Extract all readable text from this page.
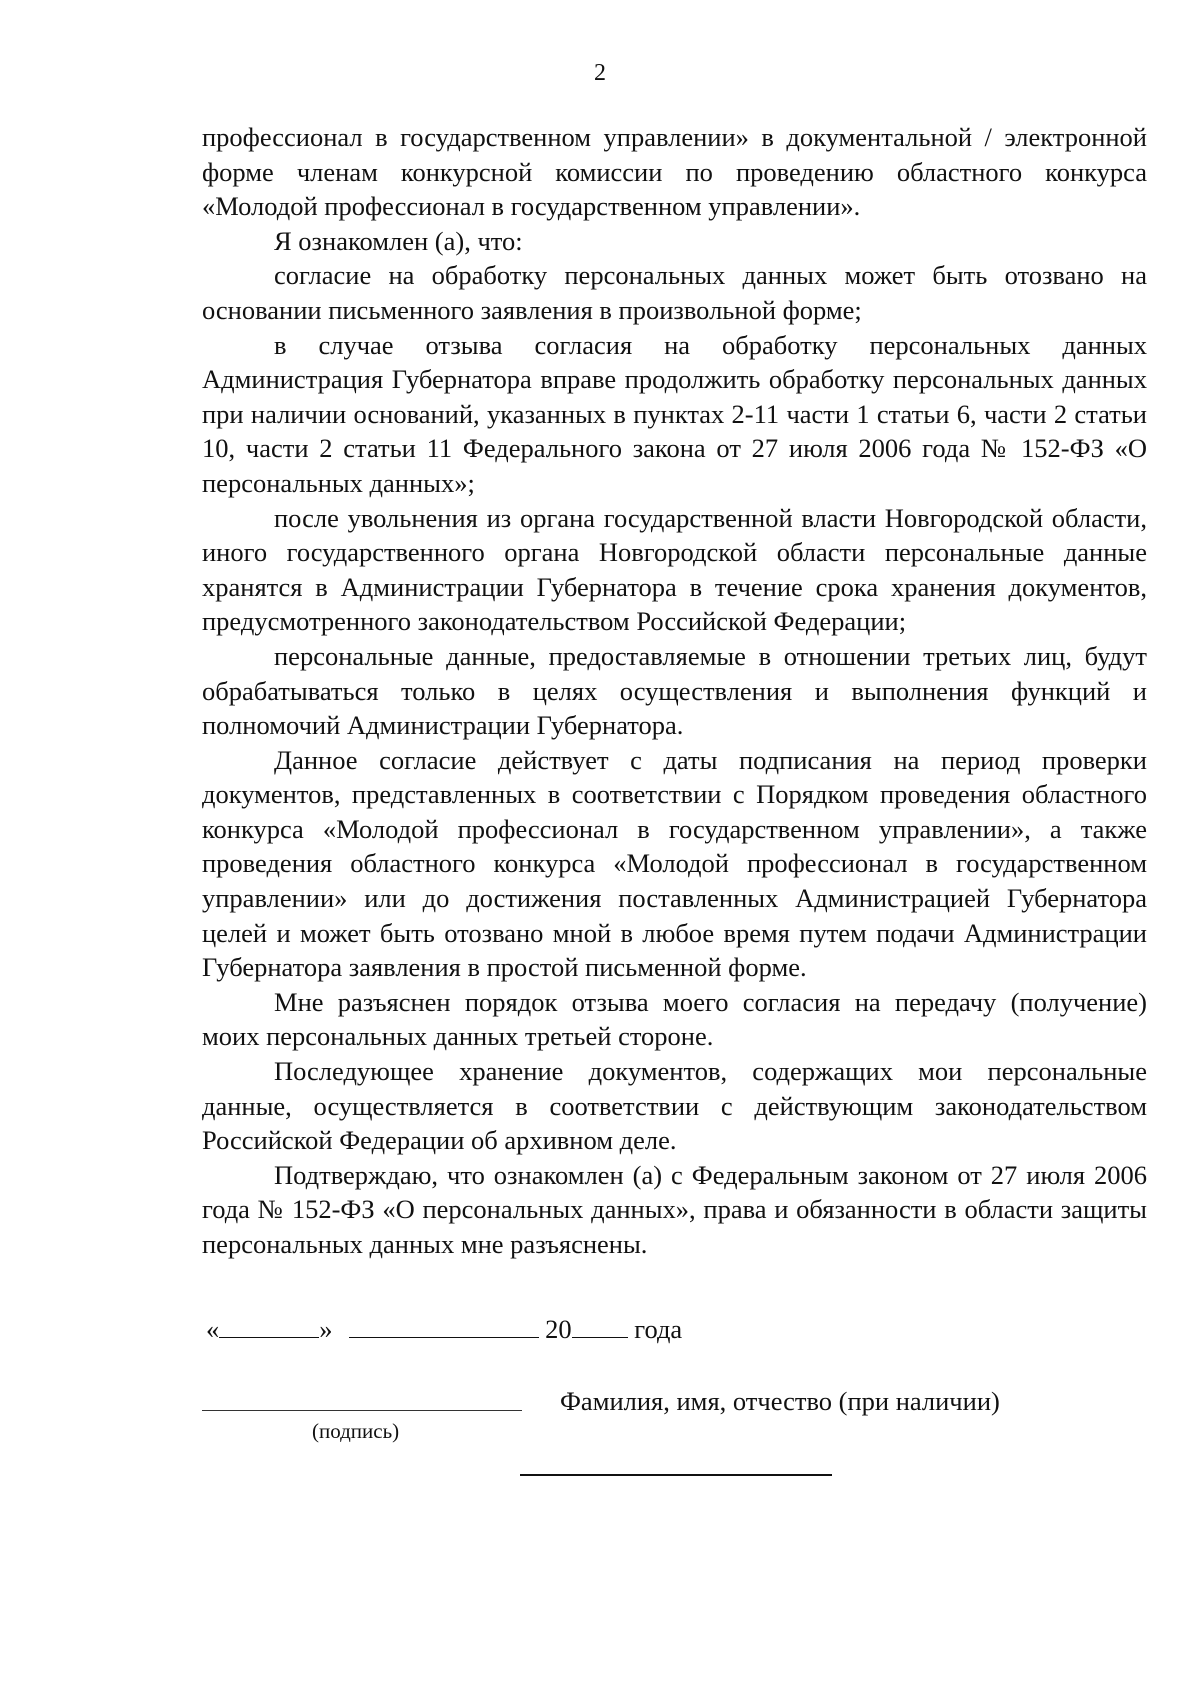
2

профессионал в государственном управлении» в документальной / электронной форме членам конкурсной комиссии по проведению областного конкурса «Молодой профессионал в государственном управлении».

Я ознакомлен (а), что:

согласие на обработку персональных данных может быть отозвано на основании письменного заявления в произвольной форме;

в случае отзыва согласия на обработку персональных данных Администрация Губернатора вправе продолжить обработку персональных данных при наличии оснований, указанных в пунктах 2-11 части 1 статьи 6, части 2 статьи 10, части 2 статьи 11 Федерального закона от 27 июля 2006 года № 152-ФЗ «О персональных данных»;

после увольнения из органа государственной власти Новгородской области, иного государственного органа Новгородской области персональные данные хранятся в Администрации Губернатора в течение срока хранения документов, предусмотренного законодательством Российской Федерации;

персональные данные, предоставляемые в отношении третьих лиц, будут обрабатываться только в целях осуществления и выполнения функций и полномочий Администрации Губернатора.

Данное согласие действует с даты подписания на период проверки документов, представленных в соответствии с Порядком проведения областного конкурса «Молодой профессионал в государственном управлении», а также проведения областного конкурса «Молодой профессионал в государственном управлении» или до достижения поставленных Администрацией Губернатора целей и может быть отозвано мной в любое время путем подачи Администрации Губернатора заявления в простой письменной форме.

Мне разъяснен порядок отзыва моего согласия на передачу (получение) моих персональных данных третьей стороне.

Последующее хранение документов, содержащих мои персональные данные, осуществляется в соответствии с действующим законодательством Российской Федерации об архивном деле.

Подтверждаю, что ознакомлен (а) с Федеральным законом от 27 июля 2006 года № 152-ФЗ «О персональных данных», права и обязанности в области защиты персональных данных мне разъяснены.

«	»	20 года
(подпись)
Фамилия, имя, отчество (при наличии)
